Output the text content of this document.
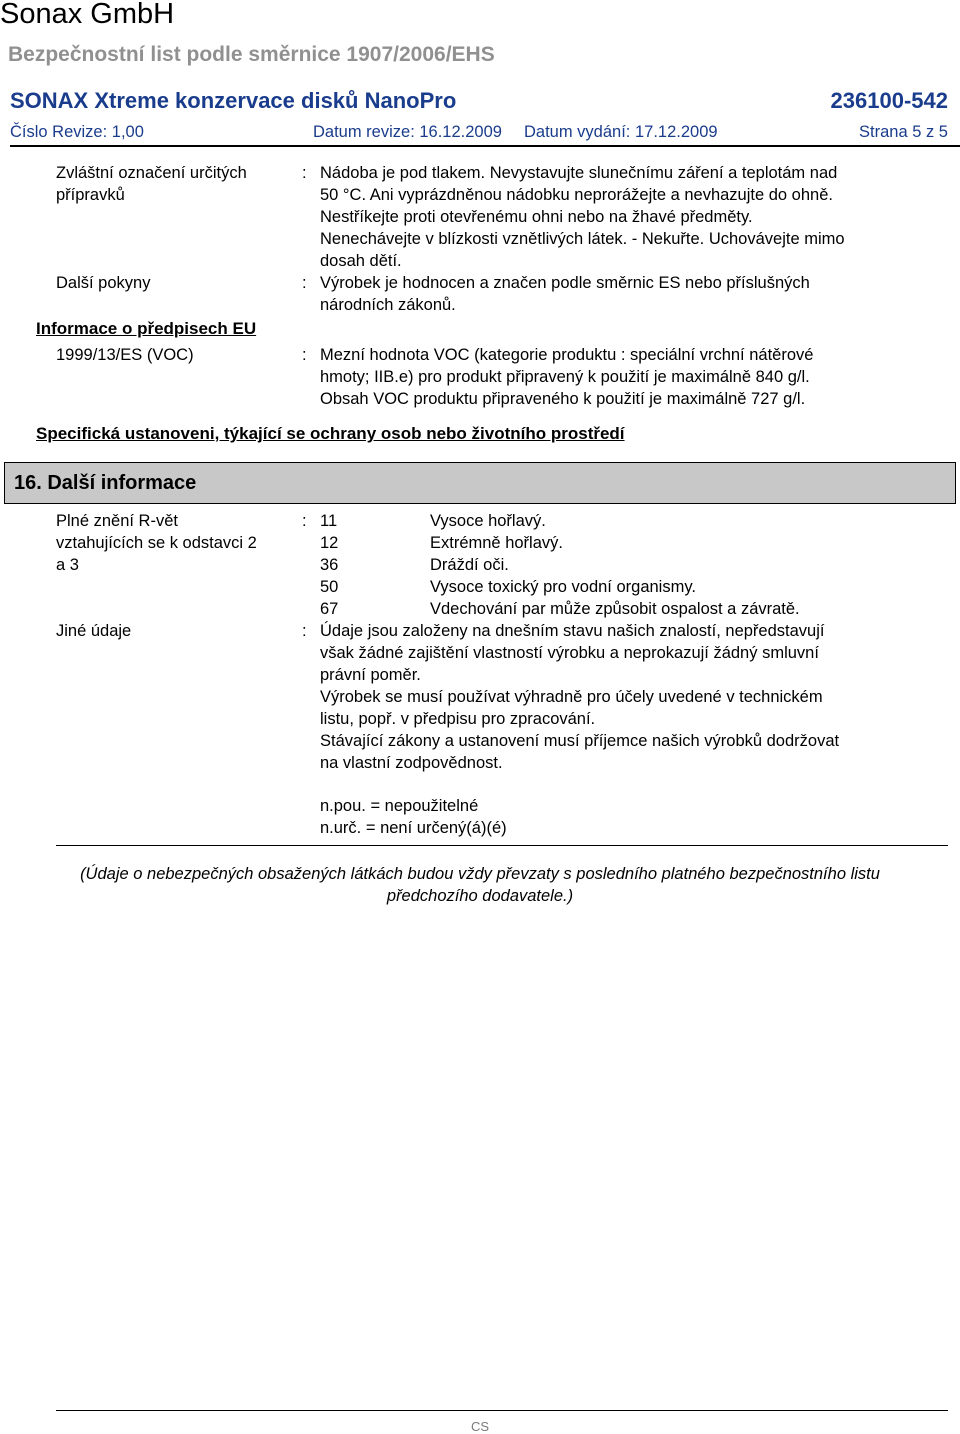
Sonax GmbH
Bezpečnostní list podle směrnice 1907/2006/EHS
SONAX Xtreme konzervace disků NanoPro	236100-542
Číslo Revize: 1,00	Datum revize: 16.12.2009 Datum vydání: 17.12.2009	Strana 5 z 5
Zvláštní označení určitých
přípravků
: Nádoba je pod tlakem. Nevystavujte slunečnímu záření a teplotám nad
50 °C. Ani vyprázdněnou nádobku neprorážejte a nevhazujte do ohně.
Nestříkejte proti otevřenému ohni nebo na žhavé předměty.
Nenechávejte v blízkosti vznětlivých látek. - Nekuřte. Uchovávejte mimo
dosah dětí.
Další pokyny	: Výrobek je hodnocen a značen podle směrnic ES nebo příslušných
národních zákonů.
Informace o předpisech EU
1999/13/ES (VOC)	: Mezní hodnota VOC (kategorie produktu : speciální vrchní nátěrové
hmoty; IIB.e) pro produkt připravený k použití je maximálně 840 g/l.
Obsah VOC produktu připraveného k použití je maximálně 727 g/l.
Specifická ustanoveni, týkající se ochrany osob nebo životního prostředí
16. Další informace
Plné znění R-vět
vztahujících se k odstavci 2
a 3
: 11	Vysoce hořlavý.
12	Extrémně hořlavý.
36	Dráždí oči.
50	Vysoce toxický pro vodní organismy.
67	Vdechování par může způsobit ospalost a závratě.
Jiné údaje	: Údaje jsou založeny na dnešním stavu našich znalostí, nepředstavují
však žádné zajištění vlastností výrobku a neprokazují žádný smluvní
právní poměr.
Výrobek se musí používat výhradně pro účely uvedené v technickém
listu, popř. v předpisu pro zpracování.
Stávající zákony a ustanovení musí příjemce našich výrobků dodržovat
na vlastní zodpovědnost.
n.pou. = nepoužitelné
n.urč. = není určený(á)(é)
(Údaje o nebezpečných obsažených látkách budou vždy převzaty s posledního platného bezpečnostního listu
předchozího dodavatele.)
CS
